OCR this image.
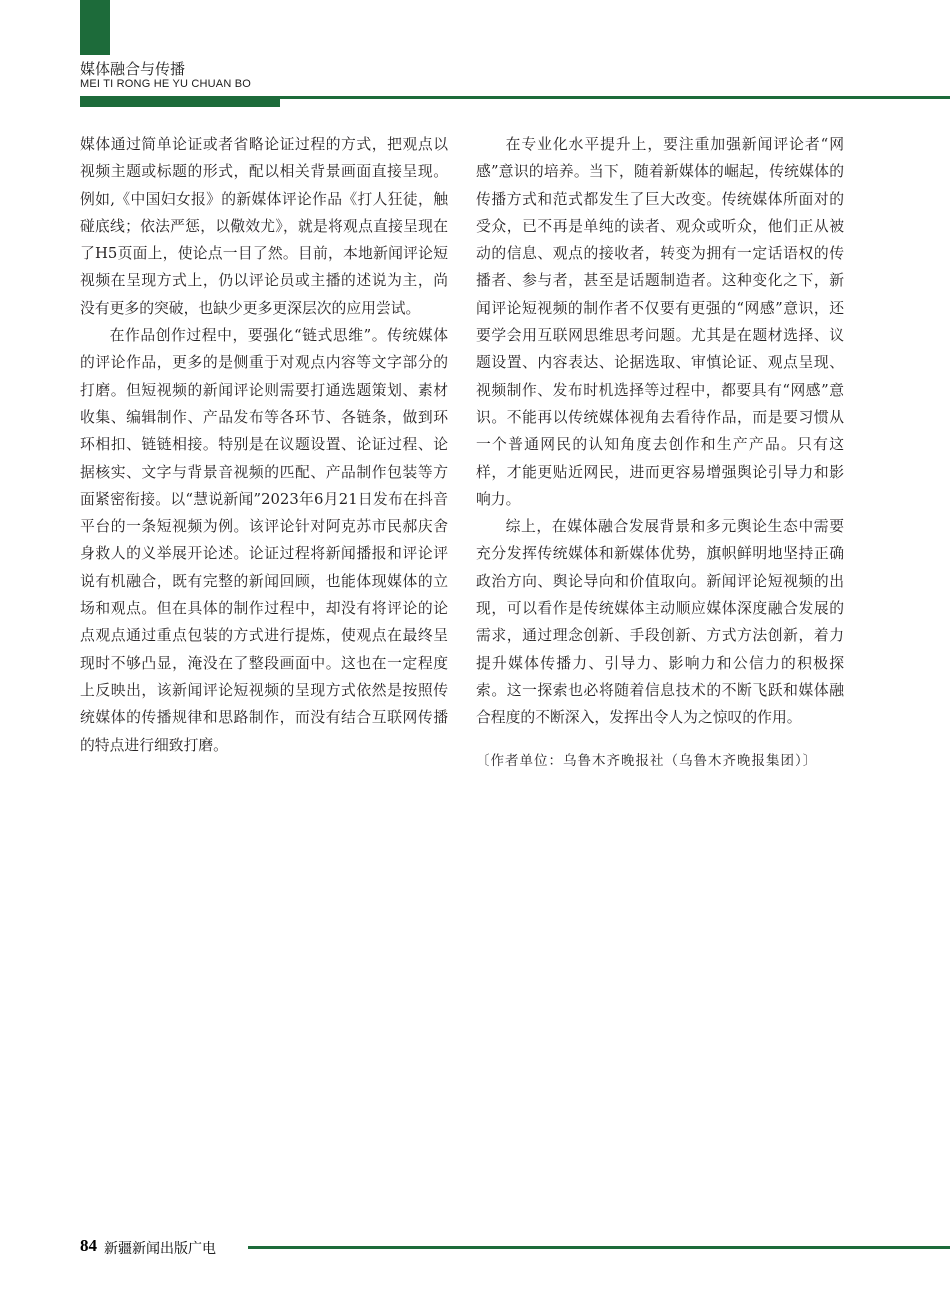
媒体融合与传播
MEI TI RONG HE YU CHUAN BO

媒体通过简单论证或者省略论证过程的方式，把观点以视频主题或标题的形式，配以相关背景画面直接呈现。例如,《中国妇女报》的新媒体评论作品《打人狂徒，触碰底线；依法严惩，以儆效尤》，就是将观点直接呈现在了H5页面上，使论点一目了然。目前，本地新闻评论短视频在呈现方式上，仍以评论员或主播的述说为主，尚没有更多的突破，也缺少更多更深层次的应用尝试。

在作品创作过程中，要强化“链式思维”。传统媒体的评论作品，更多的是侧重于对观点内容等文字部分的打磨。但短视频的新闻评论则需要打通选题策划、素材收集、编辑制作、产品发布等各环节、各链条，做到环环相扣、链链相接。特别是在议题设置、论证过程、论据核实、文字与背景音视频的匹配、产品制作包装等方面紧密衔接。以“慧说新闻”2023年6月21日发布在抖音平台的一条短视频为例。该评论针对阿克苏市民郝庆舍身救人的义举展开论述。论证过程将新闻播报和评论评说有机融合，既有完整的新闻回顾，也能体现媒体的立场和观点。但在具体的制作过程中，却没有将评论的论点观点通过重点包装的方式进行提炼，使观点在最终呈现时不够凸显，淹没在了整段画面中。这也在一定程度上反映出，该新闻评论短视频的呈现方式依然是按照传统媒体的传播规律和思路制作，而没有结合互联网传播的特点进行细致打磨。

在专业化水平提升上，要注重加强新闻评论者“网感”意识的培养。当下，随着新媒体的崛起，传统媒体的传播方式和范式都发生了巨大改变。传统媒体所面对的受众，已不再是单纯的读者、观众或听众，他们正从被动的信息、观点的接收者，转变为拥有一定话语权的传播者、参与者，甚至是话题制造者。这种变化之下，新闻评论短视频的制作者不仅要有更强的“网感”意识，还要学会用互联网思维思考问题。尤其是在题材选择、议题设置、内容表达、论据选取、审慎论证、观点呈现、视频制作、发布时机选择等过程中，都要具有“网感”意识。不能再以传统媒体视角去看待作品，而是要习惯从一个普通网民的认知角度去创作和生产产品。只有这样，才能更贴近网民，进而更容易增强舆论引导力和影响力。

综上，在媒体融合发展背景和多元舆论生态中需要充分发挥传统媒体和新媒体优势，旗帜鲜明地坚持正确政治方向、舆论导向和价值取向。新闻评论短视频的出现，可以看作是传统媒体主动顺应媒体深度融合发展的需求，通过理念创新、手段创新、方式方法创新，着力提升媒体传播力、引导力、影响力和公信力的积极探索。这一探索也必将随着信息技术的不断飞跃和媒体融合程度的不断深入，发挥出令人为之惊叹的作用。

〔作者单位：乌鲁木齐晚报社（乌鲁木齐晚报集团）〕

84 新疆新闻出版广电
